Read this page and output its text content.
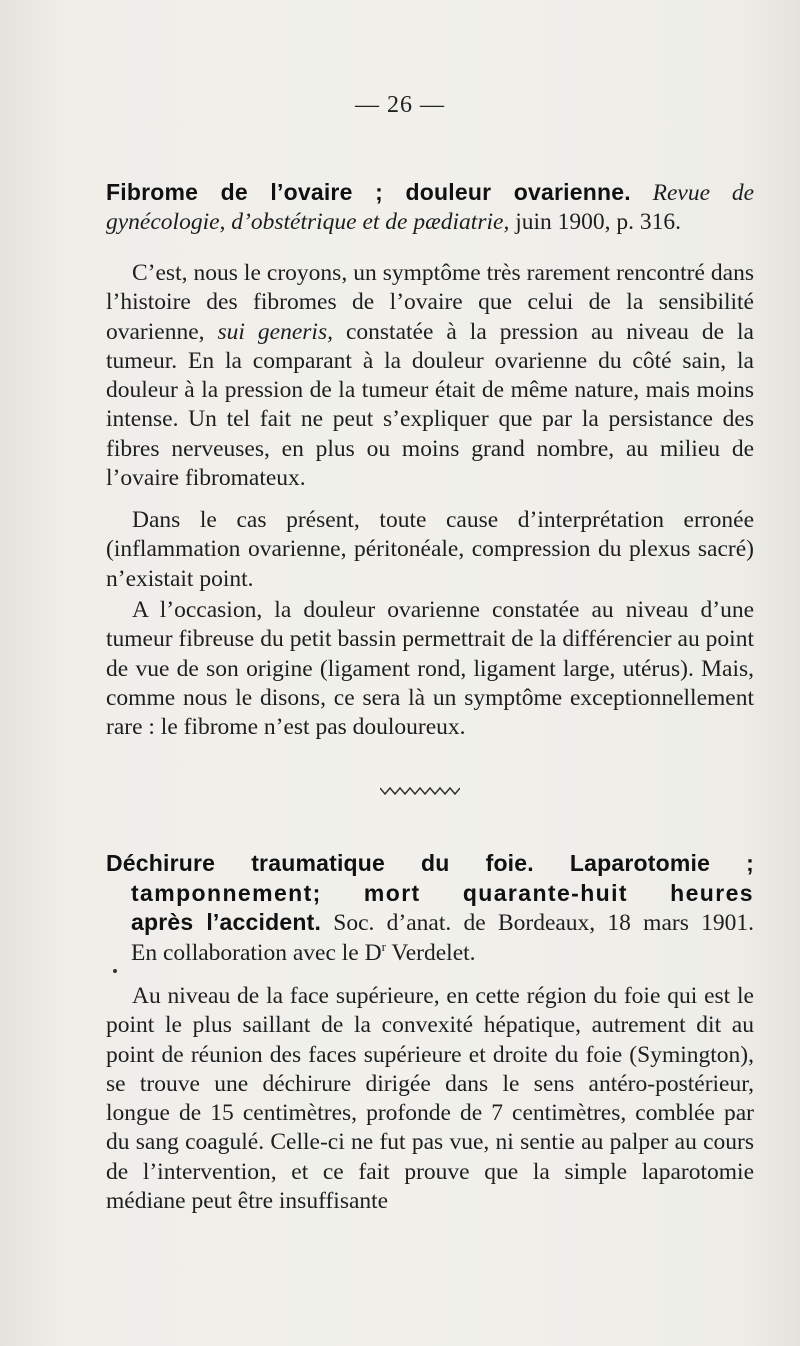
— 26 —

Fibrome de l’ovaire ; douleur ovarienne. Revue de gynécologie, d’obstétrique et de pædiatrie, juin 1900, p. 316.

C’est, nous le croyons, un symptôme très rarement rencontré dans l’histoire des fibromes de l’ovaire que celui de la sensibilité ovarienne, sui generis, constatée à la pression au niveau de la tumeur. En la comparant à la douleur ovarienne du côté sain, la douleur à la pression de la tumeur était de même nature, mais moins intense. Un tel fait ne peut s’expliquer que par la persistance des fibres nerveuses, en plus ou moins grand nombre, au milieu de l’ovaire fibromateux.

Dans le cas présent, toute cause d’interprétation erronée (inflammation ovarienne, péritonéale, compression du plexus sacré) n’existait point.

A l’occasion, la douleur ovarienne constatée au niveau d’une tumeur fibreuse du petit bassin permettrait de la différencier au point de vue de son origine (ligament rond, ligament large, utérus). Mais, comme nous le disons, ce sera là un symptôme exceptionnellement rare : le fibrome n’est pas douloureux.

Déchirure traumatique du foie. Laparotomie ;
tamponnement; mort quarante-huit heures
après l’accident. Soc. d’anat. de Bordeaux, 18 mars 1901.
En collaboration avec le $D^r$ Verdelet.

Au niveau de la face supérieure, en cette région du foie qui est le point le plus saillant de la convexité hépatique, autrement dit au point de réunion des faces supérieure et droite du foie (Symington), se trouve une déchirure dirigée dans le sens antéro-postérieur, longue de 15 centimètres, profonde de 7 centimètres, comblée par du sang coagulé. Celle-ci ne fut pas vue, ni sentie au palper au cours de l’intervention, et ce fait prouve que la simple laparotomie médiane peut être insuffisante
